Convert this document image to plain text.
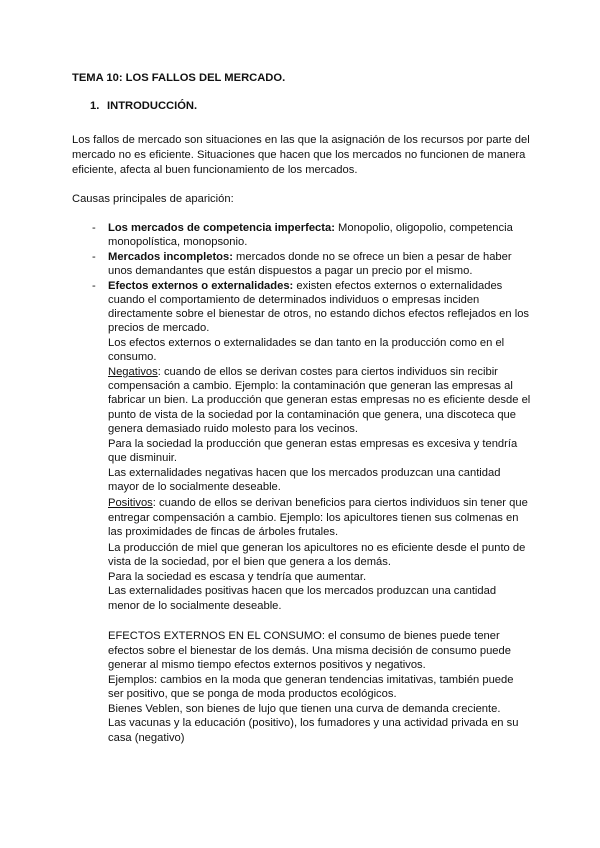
TEMA 10: LOS FALLOS DEL MERCADO.
1. INTRODUCCIÓN.
Los fallos de mercado son situaciones en las que la asignación de los recursos por parte del
mercado no es eficiente. Situaciones que hacen que los mercados no funcionen de manera
eficiente, afecta al buen funcionamiento de los mercados.
Causas principales de aparición:
- Los mercados de competencia imperfecta: Monopolio, oligopolio, competencia
monopolística, monopsonio.
- Mercados incompletos: mercados donde no se ofrece un bien a pesar de haber
unos demandantes que están dispuestos a pagar un precio por el mismo.
- Efectos externos o externalidades: existen efectos externos o externalidades
cuando el comportamiento de determinados individuos o empresas inciden
directamente sobre el bienestar de otros, no estando dichos efectos reflejados en los
precios de mercado.
Los efectos externos o externalidades se dan tanto en la producción como en el
consumo.
Negativos: cuando de ellos se derivan costes para ciertos individuos sin recibir
compensación a cambio. Ejemplo: la contaminación que generan las empresas al
fabricar un bien. La producción que generan estas empresas no es eficiente desde el
punto de vista de la sociedad por la contaminación que genera, una discoteca que
genera demasiado ruido molesto para los vecinos.
Para la sociedad la producción que generan estas empresas es excesiva y tendría
que disminuir.
Las externalidades negativas hacen que los mercados produzcan una cantidad
mayor de lo socialmente deseable.
Positivos: cuando de ellos se derivan beneficios para ciertos individuos sin tener que
entregar compensación a cambio. Ejemplo: los apicultores tienen sus colmenas en
las proximidades de fincas de árboles frutales.
La producción de miel que generan los apicultores no es eficiente desde el punto de
vista de la sociedad, por el bien que genera a los demás.
Para la sociedad es escasa y tendría que aumentar.
Las externalidades positivas hacen que los mercados produzcan una cantidad
menor de lo socialmente deseable.
EFECTOS EXTERNOS EN EL CONSUMO: el consumo de bienes puede tener
efectos sobre el bienestar de los demás. Una misma decisión de consumo puede
generar al mismo tiempo efectos externos positivos y negativos.
Ejemplos: cambios en la moda que generan tendencias imitativas, también puede
ser positivo, que se ponga de moda productos ecológicos.
Bienes Veblen, son bienes de lujo que tienen una curva de demanda creciente.
Las vacunas y la educación (positivo), los fumadores y una actividad privada en su
casa (negativo)
